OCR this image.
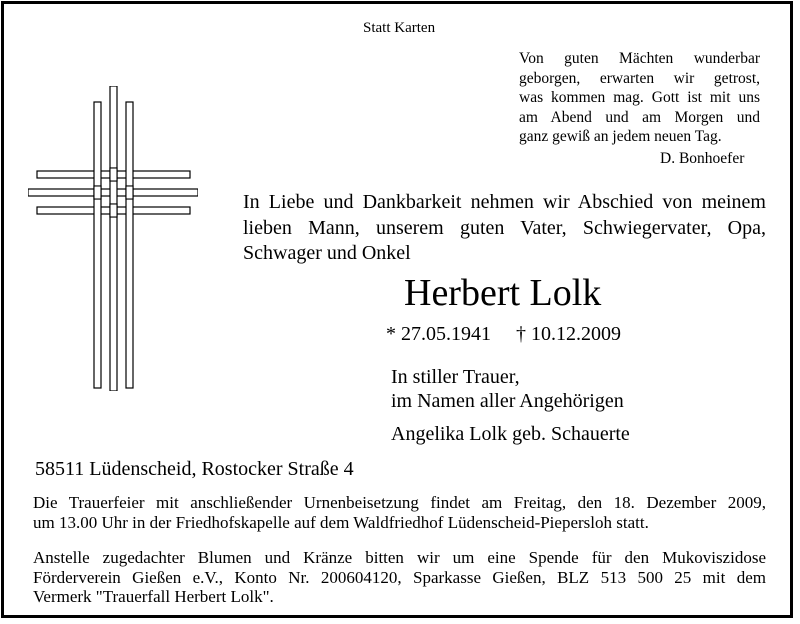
Statt Karten
Von guten Mächten wunderbar
geborgen, erwarten wir getrost,
was kommen mag. Gott ist mit uns
am Abend und am Morgen und
ganz gewiß an jedem neuen Tag.
D. Bonhoefer
In Liebe und Dankbarkeit nehmen wir Abschied von meinem
lieben Mann, unserem guten Vater, Schwiegervater, Opa,
Schwager und Onkel
Herbert Lolk
* 27.05.1941 † 10.12.2009
In stiller Trauer,
im Namen aller Angehörigen
Angelika Lolk geb. Schauerte
58511 Lüdenscheid, Rostocker Straße 4
Die Trauerfeier mit anschließender Urnenbeisetzung findet am Freitag, den 18. Dezember 2009,
um 13.00 Uhr in der Friedhofskapelle auf dem Waldfriedhof Lüdenscheid-Piepersloh statt.
Anstelle zugedachter Blumen und Kränze bitten wir um eine Spende für den Mukoviszidose
Förderverein Gießen e.V., Konto Nr. 200604120, Sparkasse Gießen, BLZ 513 500 25 mit dem
Vermerk "Trauerfall Herbert Lolk".
